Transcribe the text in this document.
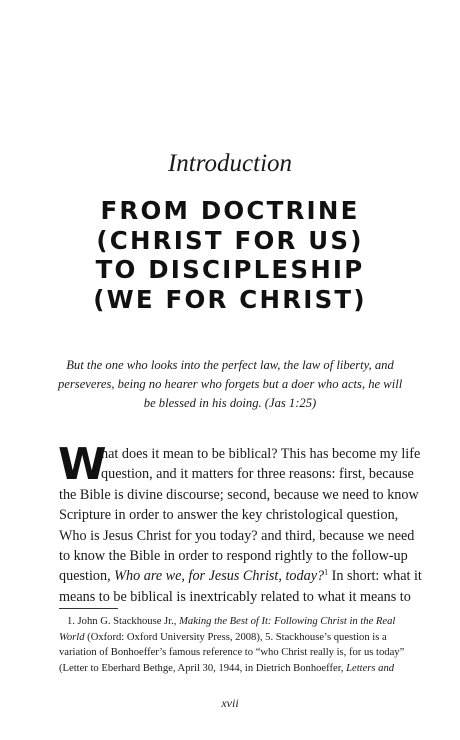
Introduction
FROM DOCTRINE
(CHRIST FOR US)
TO DISCIPLESHIP
(WE FOR CHRIST)
But the one who looks into the perfect law, the law of liberty, and
perseveres, being no hearer who forgets but a doer who acts, he will
be blessed in his doing. (Jas 1:25)
W
hat does it mean to be biblical? This has become my life
question, and it matters for three reasons: first, because
the Bible is divine discourse; second, because we need to know
Scripture in order to answer the key christological question,
Who is Jesus Christ for you today? and third, because we need
to know the Bible in order to respond rightly to the follow-up
question, Who are we, for Jesus Christ, today?$^1$ In short: what it
means to be biblical is inextricably related to what it means to
1. John G. Stackhouse Jr., Making the Best of It: Following Christ in the Real
World (Oxford: Oxford University Press, 2008), 5. Stackhouse’s question is a
variation of Bonhoeffer’s famous reference to “who Christ really is, for us today”
(Letter to Eberhard Bethge, April 30, 1944, in Dietrich Bonhoeffer, Letters and
xvii
